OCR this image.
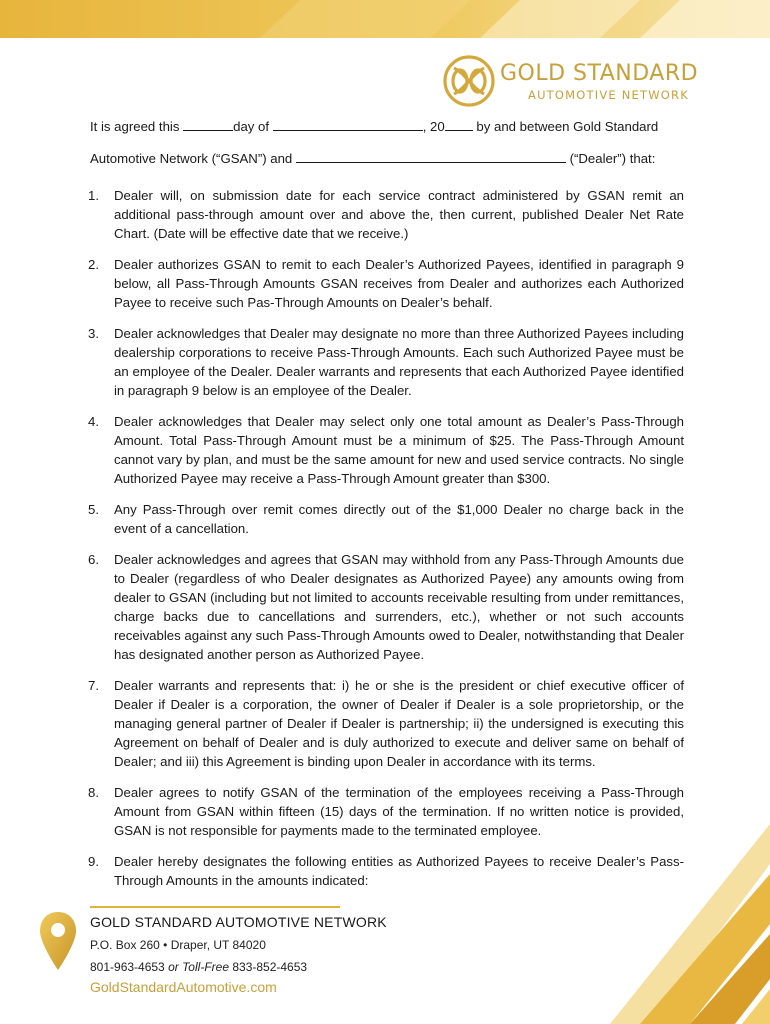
GOLD STANDARD
AUTOMOTIVE NETWORK
It is agreed this	day of	, 20 by and between Gold Standard
Automotive Network (“GSAN”) and	(“Dealer”) that:
1. Dealer will, on submission date for each service contract administered by GSAN remit an additional pass-through amount over and above the, then current, published Dealer Net Rate Chart. (Date will be effective date that we receive.)
2. Dealer authorizes GSAN to remit to each Dealer’s Authorized Payees, identified in paragraph 9 below, all Pass-Through Amounts GSAN receives from Dealer and authorizes each Authorized Payee to receive such Pas-Through Amounts on Dealer’s behalf.
3. Dealer acknowledges that Dealer may designate no more than three Authorized Payees including dealership corporations to receive Pass-Through Amounts. Each such Authorized Payee must be an employee of the Dealer. Dealer warrants and represents that each Authorized Payee identified in paragraph 9 below is an employee of the Dealer.
4. Dealer acknowledges that Dealer may select only one total amount as Dealer’s Pass-Through Amount. Total Pass-Through Amount must be a minimum of $25. The Pass-Through Amount cannot vary by plan, and must be the same amount for new and used service contracts. No single Authorized Payee may receive a Pass-Through Amount greater than $300.
5. Any Pass-Through over remit comes directly out of the $1,000 Dealer no charge back in the event of a cancellation.
6. Dealer acknowledges and agrees that GSAN may withhold from any Pass-Through Amounts due to Dealer (regardless of who Dealer designates as Authorized Payee) any amounts owing from dealer to GSAN (including but not limited to accounts receivable resulting from under remittances, charge backs due to cancellations and surrenders, etc.), whether or not such accounts receivables against any such Pass-Through Amounts owed to Dealer, notwithstanding that Dealer has designated another person as Authorized Payee.
7. Dealer warrants and represents that: i) he or she is the president or chief executive officer of Dealer if Dealer is a corporation, the owner of Dealer if Dealer is a sole proprietorship, or the managing general partner of Dealer if Dealer is partnership; ii) the undersigned is executing this Agreement on behalf of Dealer and is duly authorized to execute and deliver same on behalf of Dealer; and iii) this Agreement is binding upon Dealer in accordance with its terms.
8. Dealer agrees to notify GSAN of the termination of the employees receiving a Pass-Through Amount from GSAN within fifteen (15) days of the termination. If no written notice is provided, GSAN is not responsible for payments made to the terminated employee.
9. Dealer hereby designates the following entities as Authorized Payees to receive Dealer’s Pass-Through Amounts in the amounts indicated:
GOLD STANDARD AUTOMOTIVE NETWORK
P.O. Box 260 • Draper, UT 84020
801-963-4653 or Toll-Free 833-852-4653
GoldStandardAutomotive.com
